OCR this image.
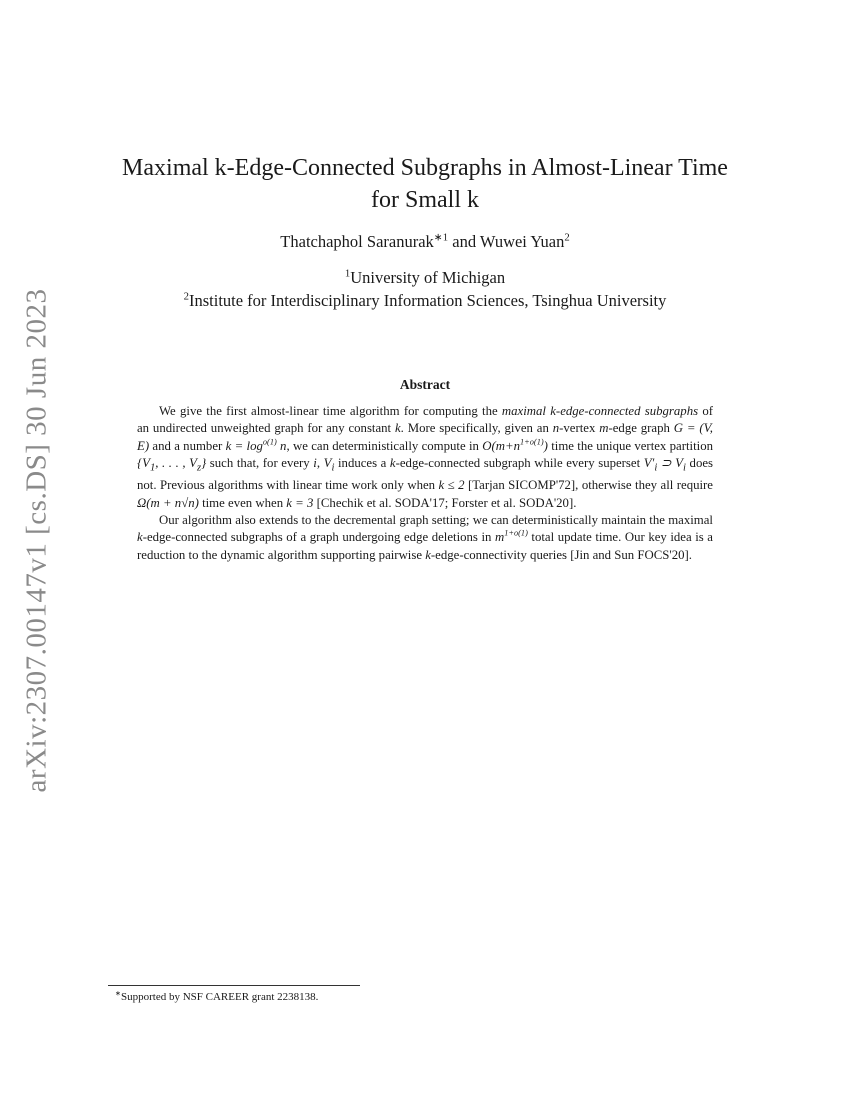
arXiv:2307.00147v1 [cs.DS] 30 Jun 2023
Maximal k-Edge-Connected Subgraphs in Almost-Linear Time
for Small k
Thatchaphol Saranurak$^{∗1}$ and Wuwei Yuan$^2$
$^1$University of Michigan
$^2$Institute for Interdisciplinary Information Sciences, Tsinghua University
Abstract

We give the first almost-linear time algorithm for computing the maximal k-edge-connected subgraphs of an undirected unweighted graph for any constant k. More specifically, given an n-vertex m-edge graph G = (V, E) and a number $k = \log^{o(1)} n$, we can deterministically compute in $O(m+n^{1+o(1)})$ time the unique vertex partition {$V_1$, . . . , $V_z$} such that, for every i, $V_i$ induces a k-edge-connected subgraph while every superset $V'_i$ ⊃ $V_i$ does not. Previous algorithms with linear time work only when k ≤ 2 [Tarjan SICOMP'72], otherwise they all require Ω(m + n√n) time even when k = 3 [Chechik et al. SODA'17; Forster et al. SODA'20].

Our algorithm also extends to the decremental graph setting; we can deterministically maintain the maximal k-edge-connected subgraphs of a graph undergoing edge deletions in $m^{1+o(1)}$ total update time. Our key idea is a reduction to the dynamic algorithm supporting pairwise k-edge-connectivity queries [Jin and Sun FOCS'20].

∗Supported by NSF CAREER grant 2238138.
